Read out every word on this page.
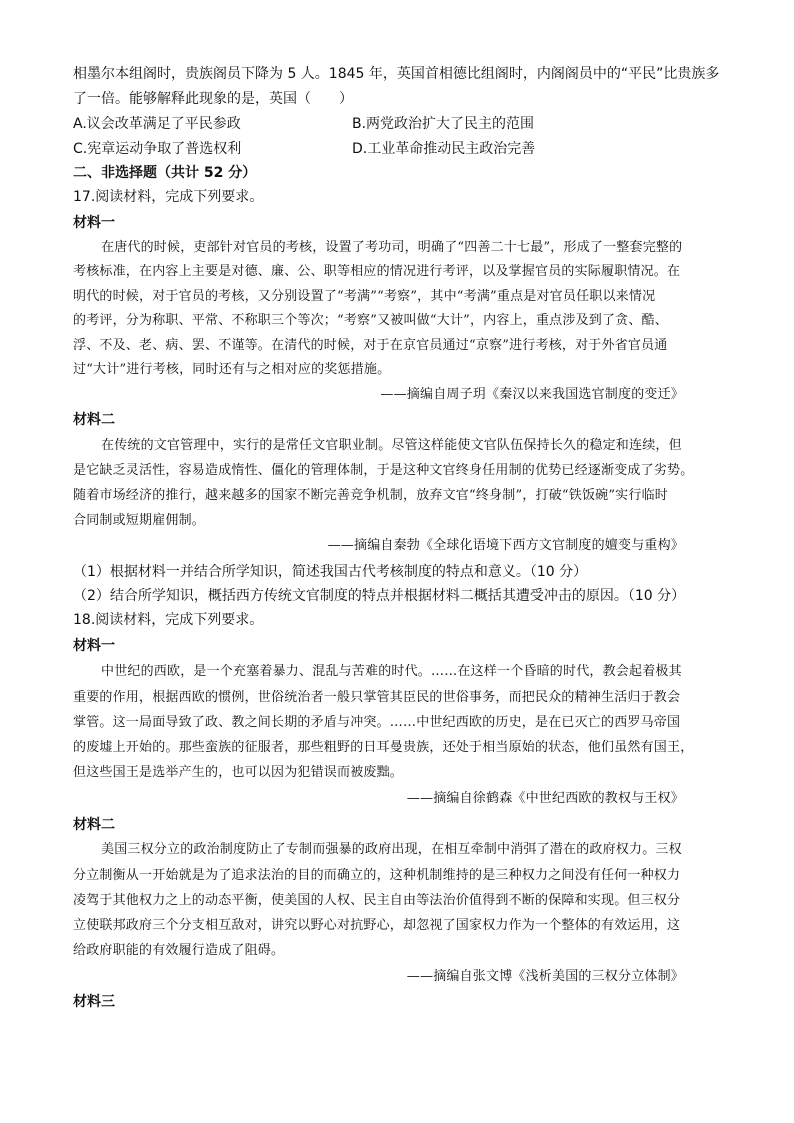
相墨尔本组阁时，贵族阁员下降为 5 人。1845 年，英国首相德比组阁时，内阁阁员中的“平民”比贵族多

了一倍。能够解释此现象的是，英国（　　）

A.议会改革满足了平民参政	B.两党政治扩大了民主的范围

C.宪章运动争取了普选权利	D.工业革命推动民主政治完善

二、非选择题（共计 52 分）

17.阅读材料，完成下列要求。

材料一

在唐代的时候，吏部针对官员的考核，设置了考功司，明确了“四善二十七最”，形成了一整套完整的

考核标准，在内容上主要是对德、廉、公、职等相应的情况进行考评，以及掌握官员的实际履职情况。在

明代的时候，对于官员的考核，又分别设置了“考满”“考察”，其中“考满”重点是对官员任职以来情况

的考评，分为称职、平常、不称职三个等次；“考察”又被叫做“大计”，内容上，重点涉及到了贪、酷、

浮、不及、老、病、罢、不谨等。在清代的时候，对于在京官员通过“京察”进行考核，对于外省官员通

过“大计”进行考核，同时还有与之相对应的奖惩措施。

——摘编自周子玥《秦汉以来我国选官制度的变迁》

材料二

在传统的文官管理中，实行的是常任文官职业制。尽管这样能使文官队伍保持长久的稳定和连续，但

是它缺乏灵活性，容易造成惰性、僵化的管理体制，于是这种文官终身任用制的优势已经逐渐变成了劣势。

随着市场经济的推行，越来越多的国家不断完善竞争机制，放弃文官“终身制”，打破“铁饭碗”实行临时

合同制或短期雇佣制。

——摘编自秦勃《全球化语境下西方文官制度的嬗变与重构》

（1）根据材料一并结合所学知识，简述我国古代考核制度的特点和意义。（10 分）

（2）结合所学知识，概括西方传统文官制度的特点并根据材料二概括其遭受冲击的原因。（10 分）

18.阅读材料，完成下列要求。

材料一

中世纪的西欧，是一个充塞着暴力、混乱与苦难的时代。……在这样一个昏暗的时代，教会起着极其

重要的作用，根据西欧的惯例，世俗统治者一般只掌管其臣民的世俗事务，而把民众的精神生活归于教会

掌管。这一局面导致了政、教之间长期的矛盾与冲突。……中世纪西欧的历史，是在已灭亡的西罗马帝国

的废墟上开始的。那些蛮族的征服者，那些粗野的日耳曼贵族，还处于相当原始的状态，他们虽然有国王，

但这些国王是选举产生的，也可以因为犯错误而被废黜。

——摘编自徐鹤森《中世纪西欧的教权与王权》

材料二

美国三权分立的政治制度防止了专制而强暴的政府出现，在相互牵制中消弭了潜在的政府权力。三权

分立制衡从一开始就是为了追求法治的目的而确立的，这种机制维持的是三种权力之间没有任何一种权力

凌驾于其他权力之上的动态平衡，使美国的人权、民主自由等法治价值得到不断的保障和实现。但三权分

立使联邦政府三个分支相互敌对，讲究以野心对抗野心，却忽视了国家权力作为一个整体的有效运用，这

给政府职能的有效履行造成了阻碍。

——摘编自张文博《浅析美国的三权分立体制》

材料三
